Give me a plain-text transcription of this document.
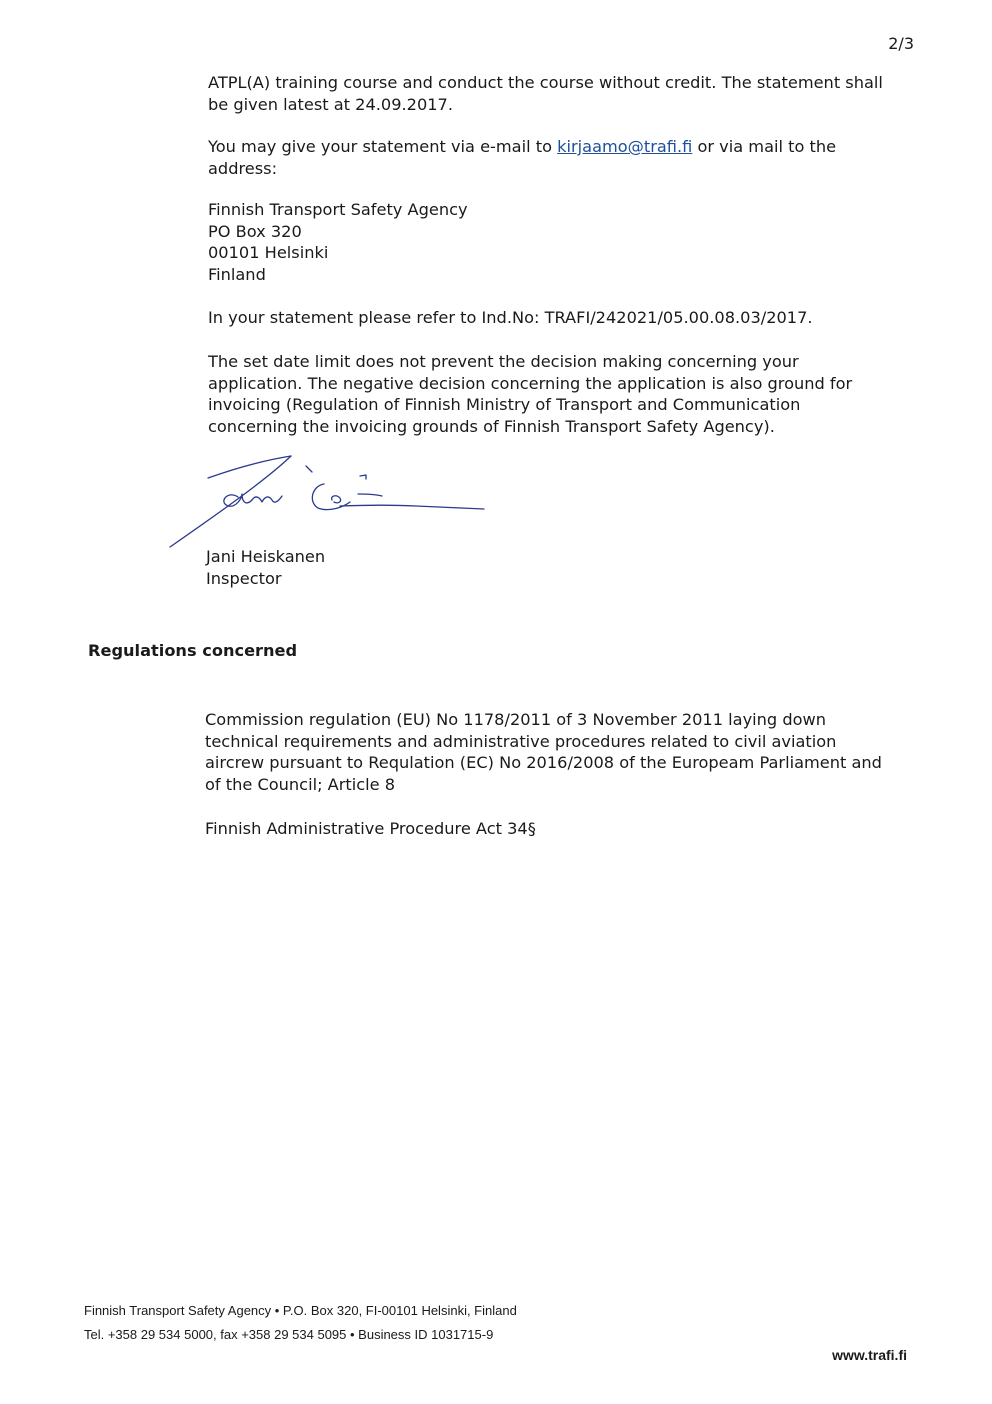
2/3

ATPL(A) training course and conduct the course without credit. The statement shall
be given latest at 24.09.2017.

You may give your statement via e-mail to kirjaamo@trafi.fi or via mail to the
address:

Finnish Transport Safety Agency
PO Box 320
00101 Helsinki
Finland

In your statement please refer to Ind.No: TRAFI/242021/05.00.08.03/2017.

The set date limit does not prevent the decision making concerning your
application. The negative decision concerning the application is also ground for
invoicing (Regulation of Finnish Ministry of Transport and Communication
concerning the invoicing grounds of Finnish Transport Safety Agency).

Jani Heiskanen
Inspector
Regulations concerned

Commission regulation (EU) No 1178/2011 of 3 November 2011 laying down
technical requirements and administrative procedures related to civil aviation
aircrew pursuant to Requlation (EC) No 2016/2008 of the Europeam Parliament and
of the Council; Article 8

Finnish Administrative Procedure Act 34§

Finnish Transport Safety Agency • P.O. Box 320, FI-00101 Helsinki, Finland
Tel. +358 29 534 5000, fax +358 29 534 5095 • Business ID 1031715-9
www.trafi.fi
